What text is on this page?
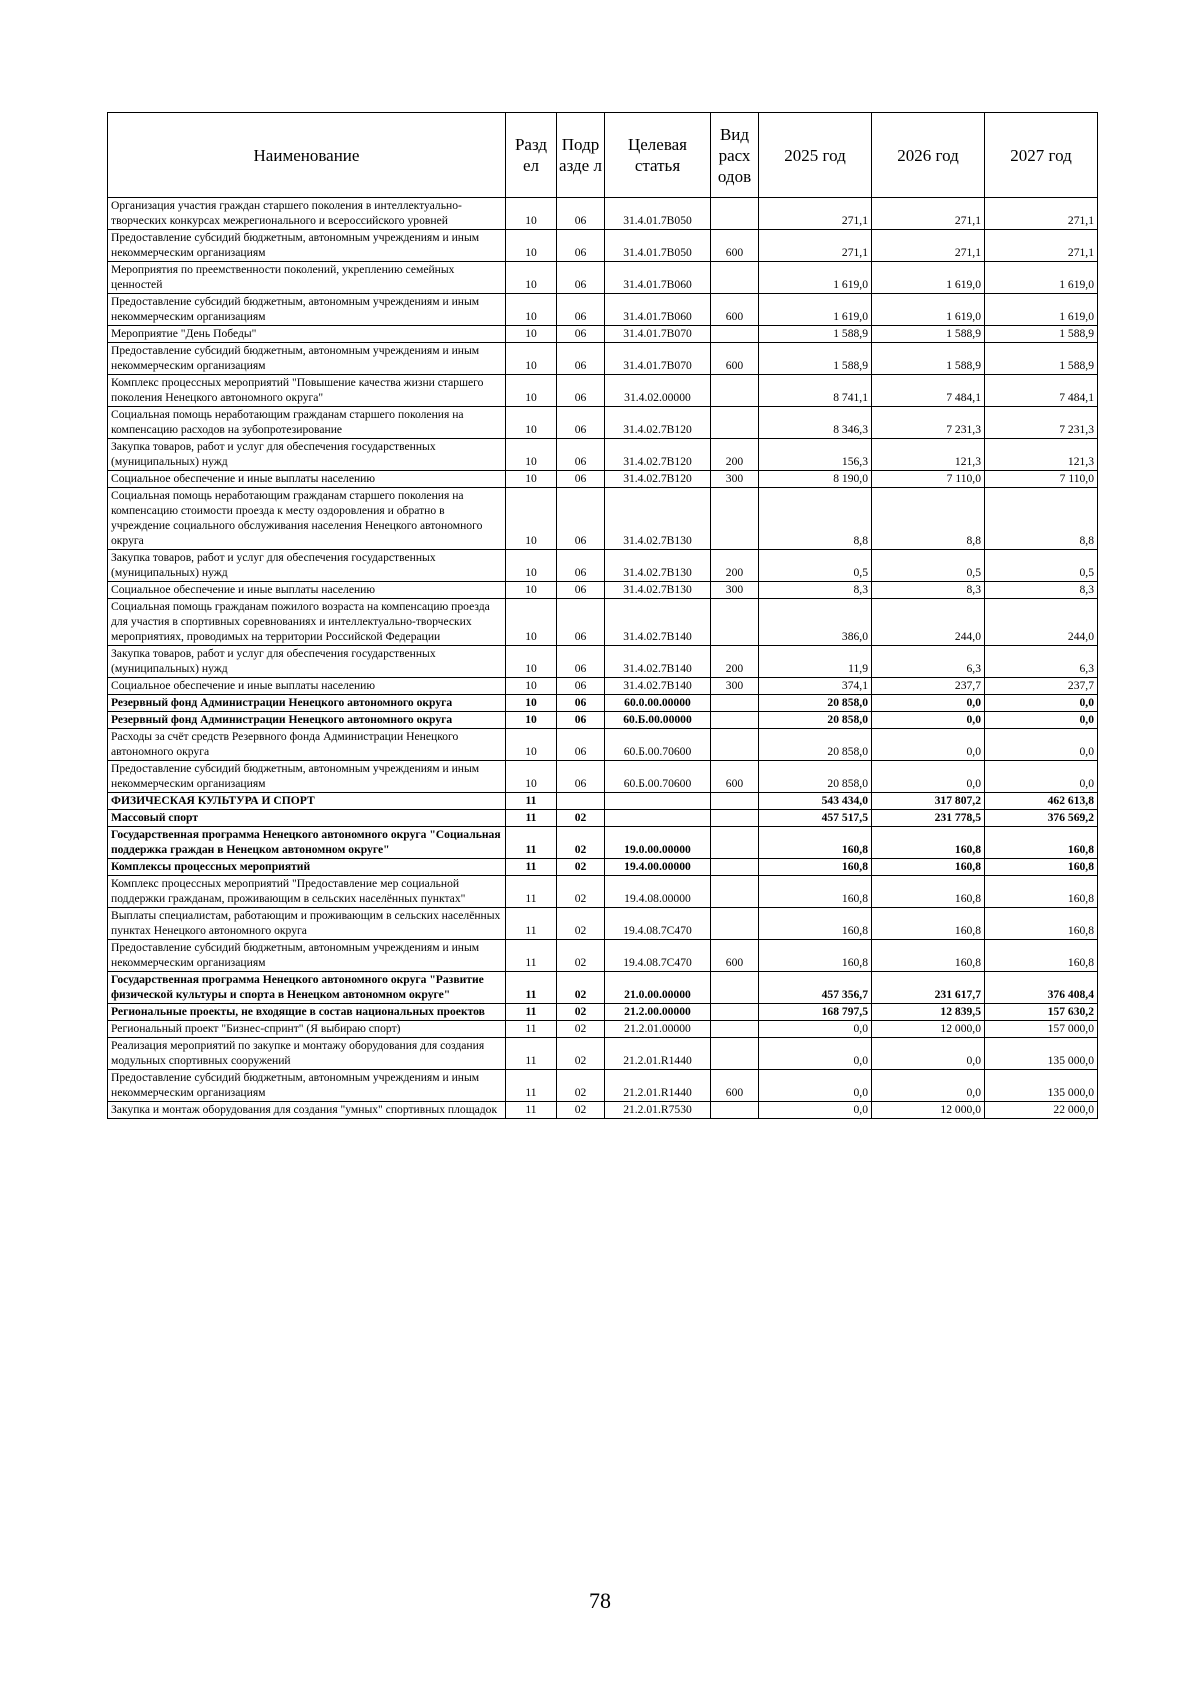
Наименование	Разд ел	Подр азде л	Целевая статья	Вид расх одов	2025 год	2026 год	2027 год
Организация участия граждан старшего поколения в интеллектуально-творческих конкурсах межрегионального и всероссийского уровней	10	06	31.4.01.7В050		271,1	271,1	271,1
Предоставление субсидий бюджетным, автономным учреждениям и иным некоммерческим организациям	10	06	31.4.01.7В050	600	271,1	271,1	271,1
Мероприятия по преемственности поколений, укреплению семейных ценностей	10	06	31.4.01.7В060		1 619,0	1 619,0	1 619,0
Предоставление субсидий бюджетным, автономным учреждениям и иным некоммерческим организациям	10	06	31.4.01.7В060	600	1 619,0	1 619,0	1 619,0
Мероприятие "День Победы"	10	06	31.4.01.7В070		1 588,9	1 588,9	1 588,9
Предоставление субсидий бюджетным, автономным учреждениям и иным некоммерческим организациям	10	06	31.4.01.7В070	600	1 588,9	1 588,9	1 588,9
Комплекс процессных мероприятий "Повышение качества жизни старшего поколения Ненецкого автономного округа"	10	06	31.4.02.00000		8 741,1	7 484,1	7 484,1
Социальная помощь неработающим гражданам старшего поколения на компенсацию расходов на зубопротезирование	10	06	31.4.02.7В120		8 346,3	7 231,3	7 231,3
Закупка товаров, работ и услуг для обеспечения государственных (муниципальных) нужд	10	06	31.4.02.7В120	200	156,3	121,3	121,3
Социальное обеспечение и иные выплаты населению	10	06	31.4.02.7В120	300	8 190,0	7 110,0	7 110,0
Социальная помощь неработающим гражданам старшего поколения на компенсацию стоимости проезда к месту оздоровления и обратно в учреждение социального обслуживания населения Ненецкого автономного округа	10	06	31.4.02.7В130		8,8	8,8	8,8
Закупка товаров, работ и услуг для обеспечения государственных (муниципальных) нужд	10	06	31.4.02.7В130	200	0,5	0,5	0,5
Социальное обеспечение и иные выплаты населению	10	06	31.4.02.7В130	300	8,3	8,3	8,3
Социальная помощь гражданам пожилого возраста на компенсацию проезда для участия в спортивных соревнованиях и интеллектуально-творческих мероприятиях, проводимых на территории Российской Федерации	10	06	31.4.02.7В140		386,0	244,0	244,0
Закупка товаров, работ и услуг для обеспечения государственных (муниципальных) нужд	10	06	31.4.02.7В140	200	11,9	6,3	6,3
Социальное обеспечение и иные выплаты населению	10	06	31.4.02.7В140	300	374,1	237,7	237,7
Резервный фонд Администрации Ненецкого автономного округа	10	06	60.0.00.00000		20 858,0	0,0	0,0
Резервный фонд Администрации Ненецкого автономного округа	10	06	60.Б.00.00000		20 858,0	0,0	0,0
Расходы за счёт средств Резервного фонда Администрации Ненецкого автономного округа	10	06	60.Б.00.70600		20 858,0	0,0	0,0
Предоставление субсидий бюджетным, автономным учреждениям и иным некоммерческим организациям	10	06	60.Б.00.70600	600	20 858,0	0,0	0,0
ФИЗИЧЕСКАЯ КУЛЬТУРА И СПОРТ	11				543 434,0	317 807,2	462 613,8
Массовый спорт	11	02			457 517,5	231 778,5	376 569,2
Государственная программа Ненецкого автономного округа "Социальная поддержка граждан в Ненецком автономном округе"	11	02	19.0.00.00000		160,8	160,8	160,8
Комплексы процессных мероприятий	11	02	19.4.00.00000		160,8	160,8	160,8
Комплекс процессных мероприятий "Предоставление мер социальной поддержки гражданам, проживающим в сельских населённых пунктах"	11	02	19.4.08.00000		160,8	160,8	160,8
Выплаты специалистам, работающим и проживающим в сельских населённых пунктах Ненецкого автономного округа	11	02	19.4.08.7С470		160,8	160,8	160,8
Предоставление субсидий бюджетным, автономным учреждениям и иным некоммерческим организациям	11	02	19.4.08.7С470	600	160,8	160,8	160,8
Государственная программа Ненецкого автономного округа "Развитие физической культуры и спорта в Ненецком автономном округе"	11	02	21.0.00.00000		457 356,7	231 617,7	376 408,4
Региональные проекты, не входящие в состав национальных проектов	11	02	21.2.00.00000		168 797,5	12 839,5	157 630,2
Региональный проект "Бизнес-спринт" (Я выбираю спорт)	11	02	21.2.01.00000		0,0	12 000,0	157 000,0
Реализация мероприятий по закупке и монтажу оборудования для создания модульных спортивных сооружений	11	02	21.2.01.R1440		0,0	0,0	135 000,0
Предоставление субсидий бюджетным, автономным учреждениям и иным некоммерческим организациям	11	02	21.2.01.R1440	600	0,0	0,0	135 000,0
Закупка и монтаж оборудования для создания "умных" спортивных площадок	11	02	21.2.01.R7530		0,0	12 000,0	22 000,0
78
